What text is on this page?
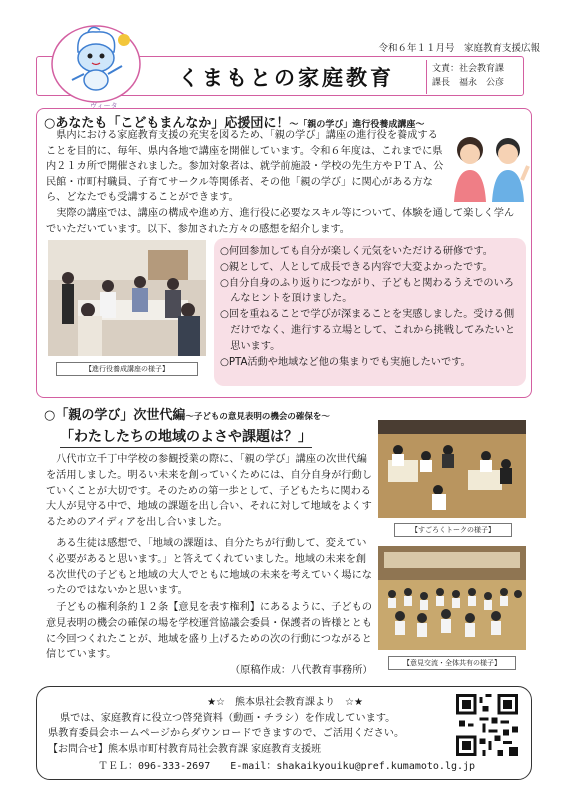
令和６年１１月号　家庭教育支援広報
ヴィータ
くまもとの家庭教育	文責：社会教育課
課長　福永　公彦
○あなたも「こどもまんなか」応援団に！～「親の学び」進行役養成講座～
県内における家庭教育支援の充実を図るため、「親の学び」講座の進行役を養成することを目的に、毎年、県内各地で講座を開催しています。令和６年度は、これまでに県内２１カ所で開催されました。参加対象者は、就学前施設・学校の先生方やＰＴＡ、公民館・市町村職員、子育てサークル等関係者、その他「親の学び」に関心がある方なら、どなたでも受講することができます。
実際の講座では、講座の構成や進め方、進行役に必要なスキル等について、体験を通して楽しく学んでいただいています。以下、参加された方々の感想を紹介します。
【進行役養成講座の様子】
○何回参加しても自分が楽しく元気をいただける研修です。
○親として、人として成長できる内容で大変よかったです。
○自分自身のふり返りにつながり、子どもと関わるうえでのいろんなヒントを頂けました。
○回を重ねることで学びが深まることを実感しました。受ける側だけでなく、進行する立場として、これから挑戦してみたいと思います。
○PTA活動や地域など他の集まりでも実施したいです。
○「親の学び」次世代編～子どもの意見表明の機会の確保を～
「わたしたちの地域のよさや課題は？」
八代市立千丁中学校の参観授業の際に、「親の学び」講座の次世代編を活用しました。明るい未来を創っていくためには、自分自身が行動していくことが大切です。そのための第一歩として、子どもたちに関わる大人が見守る中で、地域の課題を出し合い、それに対して地域をよくするためのアイディアを出し合いました。
ある生徒は感想で、「地域の課題は、自分たちが行動して、変えていく必要があると思います。」と答えてくれていました。地域の未来を創る次世代の子どもと地域の大人でともに地域の未来を考えていく場になったのではないかと思います。
子どもの権利条約１２条【意見を表す権利】にあるように、子どもの意見表明の機会の確保の場を学校運営協議会委員・保護者の皆様とともに今回つくれたことが、地域を盛り上げるための次の行動につながると信じています。
（原稿作成：八代教育事務所）
【すごろくトークの様子】
【意見交流・全体共有の様子】
★☆　熊本県社会教育課より　☆★
県では、家庭教育に役立つ啓発資料（動画・チラシ）を作成しています。
県教育委員会ホームページからダウンロードできますので、ご活用ください。
【お問合せ】熊本県市町村教育局社会教育課 家庭教育支援班
ＴＥＬ：096-333-2697　　E-mail：shakaikyouiku@pref.kumamoto.lg.jp
